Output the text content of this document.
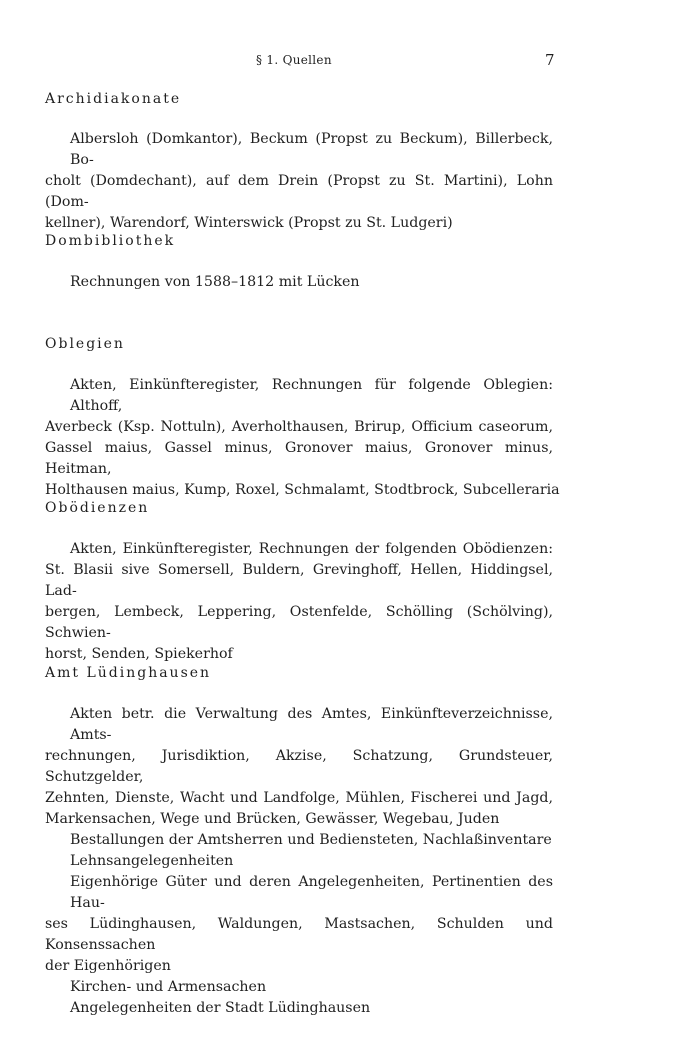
§ 1. Quellen	7
Archidiakonate
Albersloh (Domkantor), Beckum (Propst zu Beckum), Billerbeck, Bo-
cholt (Domdechant), auf dem Drein (Propst zu St. Martini), Lohn (Dom-
kellner), Warendorf, Winterswick (Propst zu St. Ludgeri)
Dombibliothek
Rechnungen von 1588–1812 mit Lücken
Oblegien
Akten, Einkünfteregister, Rechnungen für folgende Oblegien: Althoff,
Averbeck (Ksp. Nottuln), Averholthausen, Brirup, Officium caseorum,
Gassel maius, Gassel minus, Gronover maius, Gronover minus, Heitman,
Holthausen maius, Kump, Roxel, Schmalamt, Stodtbrock, Subcelleraria
Obödienzen
Akten, Einkünfteregister, Rechnungen der folgenden Obödienzen:
St. Blasii sive Somersell, Buldern, Grevinghoff, Hellen, Hiddingsel, Lad-
bergen, Lembeck, Leppering, Ostenfelde, Schölling (Schölving), Schwien-
horst, Senden, Spiekerhof
Amt Lüdinghausen
Akten betr. die Verwaltung des Amtes, Einkünfteverzeichnisse, Amts-
rechnungen, Jurisdiktion, Akzise, Schatzung, Grundsteuer, Schutzgelder,
Zehnten, Dienste, Wacht und Landfolge, Mühlen, Fischerei und Jagd,
Markensachen, Wege und Brücken, Gewässer, Wegebau, Juden
Bestallungen der Amtsherren und Bediensteten, Nachlaßinventare
Lehnsangelegenheiten
Eigenhörige Güter und deren Angelegenheiten, Pertinentien des Hau-
ses Lüdinghausen, Waldungen, Mastsachen, Schulden und Konsenssachen
der Eigenhörigen
Kirchen- und Armensachen
Angelegenheiten der Stadt Lüdinghausen
